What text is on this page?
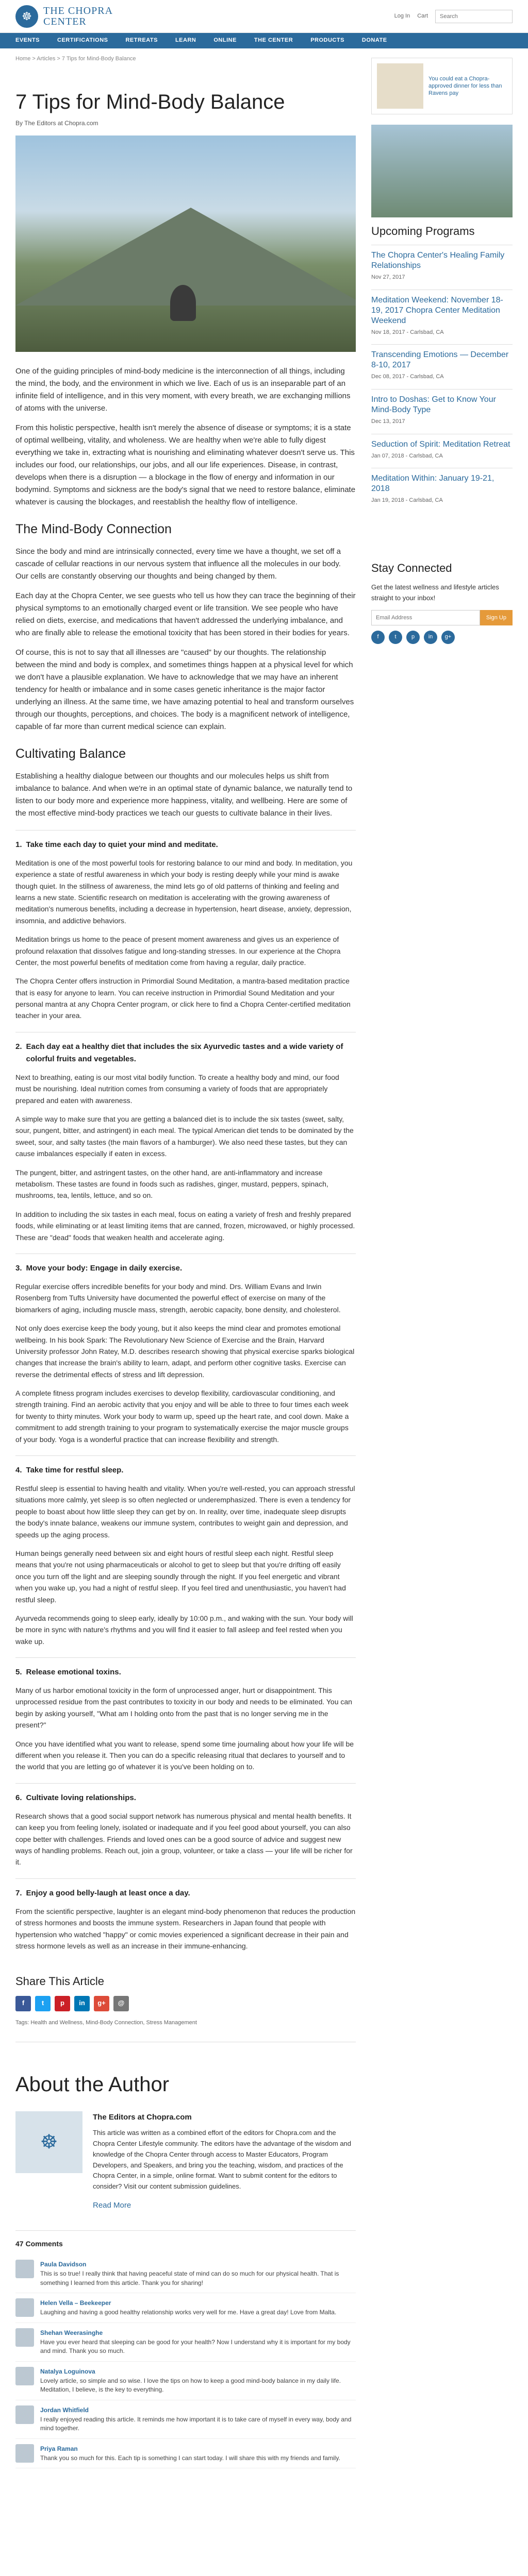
☸	THE CHOPRA
CENTER	Log In Cart
Search
EVENTS	CERTIFICATIONS	RETREATS	LEARN	ONLINE	THE CENTER	PRODUCTS	DONATE
Home > Articles > 7 Tips for Mind-Body Balance
7 Tips for Mind-Body Balance
By The Editors at Chopra.com

One of the guiding principles of mind-body medicine is the interconnection of all things, including the mind, the body, and the environment in which we live. Each of us is an inseparable part of an infinite field of intelligence, and in this very moment, with every breath, we are exchanging millions of atoms with the universe.

From this holistic perspective, health isn't merely the absence of disease or symptoms; it is a state of optimal wellbeing, vitality, and wholeness. We are healthy when we're able to fully digest everything we take in, extracting what is nourishing and eliminating whatever doesn't serve us. This includes our food, our relationships, our jobs, and all our life experiences. Disease, in contrast, develops when there is a disruption — a blockage in the flow of energy and information in our bodymind. Symptoms and sickness are the body's signal that we need to restore balance, eliminate whatever is causing the blockages, and reestablish the healthy flow of intelligence.

The Mind-Body Connection

Since the body and mind are intrinsically connected, every time we have a thought, we set off a cascade of cellular reactions in our nervous system that influence all the molecules in our body. Our cells are constantly observing our thoughts and being changed by them.

Each day at the Chopra Center, we see guests who tell us how they can trace the beginning of their physical symptoms to an emotionally charged event or life transition. We see people who have relied on diets, exercise, and medications that haven't addressed the underlying imbalance, and who are finally able to release the emotional toxicity that has been stored in their bodies for years.

Of course, this is not to say that all illnesses are "caused" by our thoughts. The relationship between the mind and body is complex, and sometimes things happen at a physical level for which we don't have a plausible explanation. We have to acknowledge that we may have an inherent tendency for health or imbalance and in some cases genetic inheritance is the major factor underlying an illness. At the same time, we have amazing potential to heal and transform ourselves through our thoughts, perceptions, and choices. The body is a magnificent network of intelligence, capable of far more than current medical science can explain.

Cultivating Balance

Establishing a healthy dialogue between our thoughts and our molecules helps us shift from imbalance to balance. And when we're in an optimal state of dynamic balance, we naturally tend to listen to our body more and experience more happiness, vitality, and wellbeing. Here are some of the most effective mind-body practices we teach our guests to cultivate balance in their lives.

1. Take time each day to quiet your mind and meditate.

Meditation is one of the most powerful tools for restoring balance to our mind and body. In meditation, you experience a state of restful awareness in which your body is resting deeply while your mind is awake though quiet. In the stillness of awareness, the mind lets go of old patterns of thinking and feeling and learns a new state. Scientific research on meditation is accelerating with the growing awareness of meditation's numerous benefits, including a decrease in hypertension, heart disease, anxiety, depression, insomnia, and addictive behaviors.

Meditation brings us home to the peace of present moment awareness and gives us an experience of profound relaxation that dissolves fatigue and long-standing stresses. In our experience at the Chopra Center, the most powerful benefits of meditation come from having a regular, daily practice.

The Chopra Center offers instruction in Primordial Sound Meditation, a mantra-based meditation practice that is easy for anyone to learn. You can receive instruction in Primordial Sound Meditation and your personal mantra at any Chopra Center program, or click here to find a Chopra Center-certified meditation teacher in your area.

2. Each day eat a healthy diet that includes the six Ayurvedic tastes and a wide variety of colorful fruits and vegetables.

Next to breathing, eating is our most vital bodily function. To create a healthy body and mind, our food must be nourishing. Ideal nutrition comes from consuming a variety of foods that are appropriately prepared and eaten with awareness.

A simple way to make sure that you are getting a balanced diet is to include the six tastes (sweet, salty, sour, pungent, bitter, and astringent) in each meal. The typical American diet tends to be dominated by the sweet, sour, and salty tastes (the main flavors of a hamburger). We also need these tastes, but they can cause imbalances especially if eaten in excess.

The pungent, bitter, and astringent tastes, on the other hand, are anti-inflammatory and increase metabolism. These tastes are found in foods such as radishes, ginger, mustard, peppers, spinach, mushrooms, tea, lentils, lettuce, and so on.

In addition to including the six tastes in each meal, focus on eating a variety of fresh and freshly prepared foods, while eliminating or at least limiting items that are canned, frozen, microwaved, or highly processed. These are "dead" foods that weaken health and accelerate aging.

3. Move your body: Engage in daily exercise.

Regular exercise offers incredible benefits for your body and mind. Drs. William Evans and Irwin Rosenberg from Tufts University have documented the powerful effect of exercise on many of the biomarkers of aging, including muscle mass, strength, aerobic capacity, bone density, and cholesterol.

Not only does exercise keep the body young, but it also keeps the mind clear and promotes emotional wellbeing. In his book Spark: The Revolutionary New Science of Exercise and the Brain, Harvard University professor John Ratey, M.D. describes research showing that physical exercise sparks biological changes that increase the brain's ability to learn, adapt, and perform other cognitive tasks. Exercise can reverse the detrimental effects of stress and lift depression.

A complete fitness program includes exercises to develop flexibility, cardiovascular conditioning, and strength training. Find an aerobic activity that you enjoy and will be able to three to four times each week for twenty to thirty minutes. Work your body to warm up, speed up the heart rate, and cool down. Make a commitment to add strength training to your program to systematically exercise the major muscle groups of your body. Yoga is a wonderful practice that can increase flexibility and strength.

4. Take time for restful sleep.

Restful sleep is essential to having health and vitality. When you're well-rested, you can approach stressful situations more calmly, yet sleep is so often neglected or underemphasized. There is even a tendency for people to boast about how little sleep they can get by on. In reality, over time, inadequate sleep disrupts the body's innate balance, weakens our immune system, contributes to weight gain and depression, and speeds up the aging process.

Human beings generally need between six and eight hours of restful sleep each night. Restful sleep means that you're not using pharmaceuticals or alcohol to get to sleep but that you're drifting off easily once you turn off the light and are sleeping soundly through the night. If you feel energetic and vibrant when you wake up, you had a night of restful sleep. If you feel tired and unenthusiastic, you haven't had restful sleep.

Ayurveda recommends going to sleep early, ideally by 10:00 p.m., and waking with the sun. Your body will be more in sync with nature's rhythms and you will find it easier to fall asleep and feel rested when you wake up.

5. Release emotional toxins.

Many of us harbor emotional toxicity in the form of unprocessed anger, hurt or disappointment. This unprocessed residue from the past contributes to toxicity in our body and needs to be eliminated. You can begin by asking yourself, "What am I holding onto from the past that is no longer serving me in the present?"

Once you have identified what you want to release, spend some time journaling about how your life will be different when you release it. Then you can do a specific releasing ritual that declares to yourself and to the world that you are letting go of whatever it is you've been holding on to.

6. Cultivate loving relationships.

Research shows that a good social support network has numerous physical and mental health benefits. It can keep you from feeling lonely, isolated or inadequate and if you feel good about yourself, you can also cope better with challenges. Friends and loved ones can be a good source of advice and suggest new ways of handling problems. Reach out, join a group, volunteer, or take a class — your life will be richer for it.

7. Enjoy a good belly-laugh at least once a day.

From the scientific perspective, laughter is an elegant mind-body phenomenon that reduces the production of stress hormones and boosts the immune system. Researchers in Japan found that people with hypertension who watched "happy" or comic movies experienced a significant decrease in their pain and stress hormone levels as well as an increase in their immune-enhancing.

Share This Article
f	t	p	in	g+	@
Tags: Health and Wellness, Mind-Body Connection, Stress Management
About the Author
☸
The Editors at Chopra.com

This article was written as a combined effort of the editors for Chopra.com and the Chopra Center Lifestyle community. The editors have the advantage of the wisdom and knowledge of the Chopra Center through access to Master Educators, Program Developers, and Speakers, and bring you the teaching, wisdom, and practices of the Chopra Center, in a simple, online format. Want to submit content for the editors to consider? Visit our content submission guidelines.

Read More
47 Comments
Paula Davidson
This is so true! I really think that having peaceful state of mind can do so much for our physical health. That is something I learned from this article. Thank you for sharing!
Helen Vella – Beekeeper
Laughing and having a good healthy relationship works very well for me. Have a great day! Love from Malta.
Shehan Weerasinghe
Have you ever heard that sleeping can be good for your health? Now I understand why it is important for my body and mind. Thank you so much.
Natalya Loguinova
Lovely article, so simple and so wise. I love the tips on how to keep a good mind-body balance in my daily life. Meditation, I believe, is the key to everything.
Jordan Whitfield
I really enjoyed reading this article. It reminds me how important it is to take care of myself in every way, body and mind together.
Priya Raman
Thank you so much for this. Each tip is something I can start today. I will share this with my friends and family.
You could eat a Chopra-approved dinner for less than Ravens pay
Upcoming Programs
The Chopra Center's Healing Family Relationships
Nov 27, 2017
Meditation Weekend: November 18-19, 2017 Chopra Center Meditation Weekend
Nov 18, 2017 - Carlsbad, CA
Transcending Emotions — December 8-10, 2017
Dec 08, 2017 - Carlsbad, CA
Intro to Doshas: Get to Know Your Mind-Body Type
Dec 13, 2017
Seduction of Spirit: Meditation Retreat
Jan 07, 2018 - Carlsbad, CA
Meditation Within: January 19-21, 2018
Jan 19, 2018 - Carlsbad, CA
Stay Connected
Get the latest wellness and lifestyle articles straight to your inbox!
Email Address
Sign Up
f	t	p	in	g+
